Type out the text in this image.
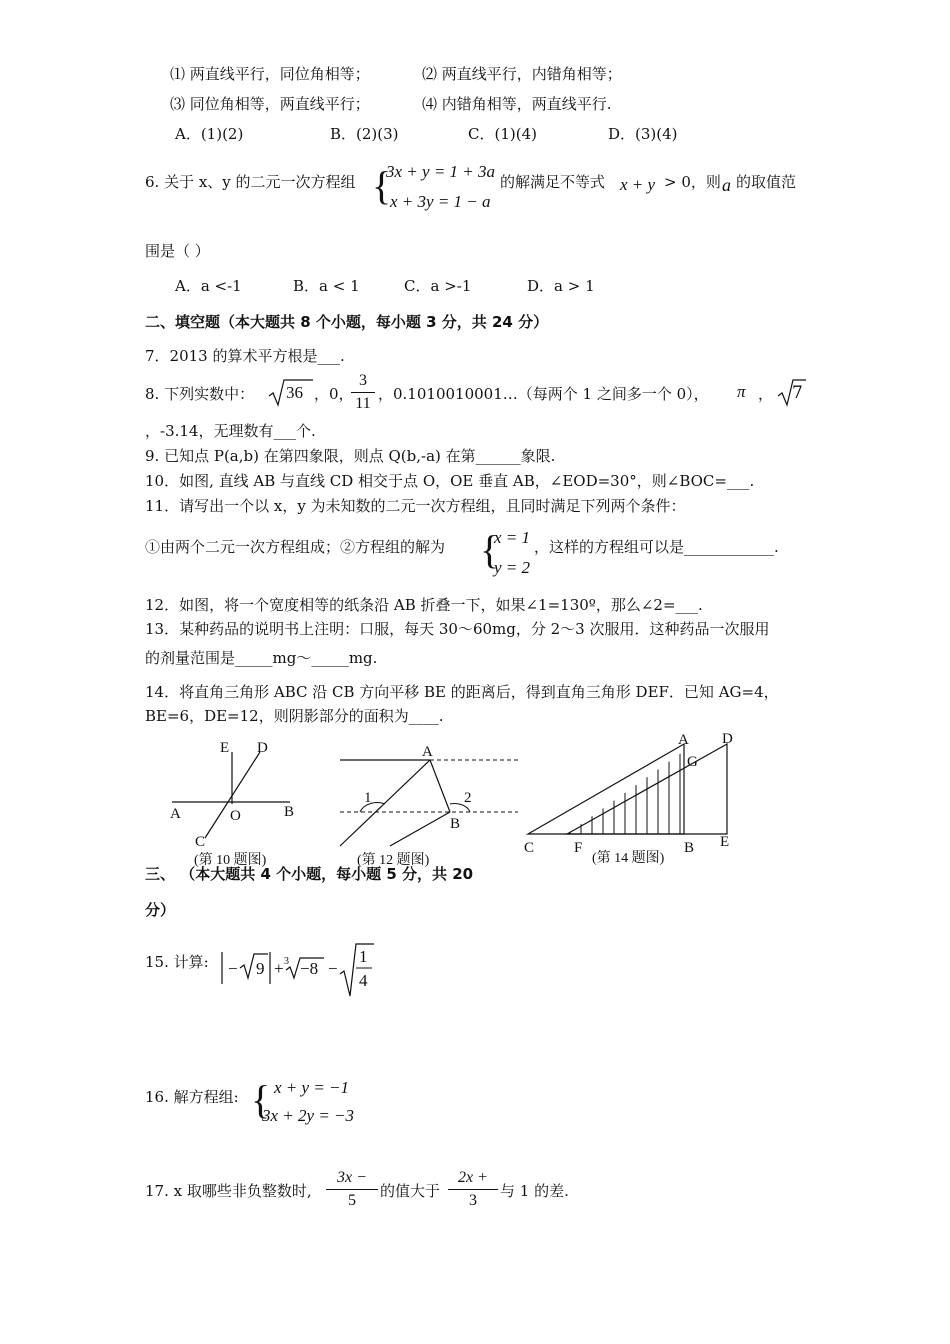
⑴ 两直线平行，同位角相等；	⑵ 两直线平行，内错角相等；
⑶ 同位角相等，两直线平行；	⑷ 内错角相等，两直线平行.
A．(1)(2)	B．(2)(3)	C．(1)(4)	D．(3)(4)
6. 关于 x、y 的二元一次方程组 {
3x + y = 1 + 3a
x + 3y = 1 − a
的解满足不等式 x + y > 0，则 a 的取值范
围是（ ）
A．a <-1	B．a < 1	C．a >-1	D．a > 1
二、填空题（本大题共 8 个小题，每小题 3 分，共 24 分）
7．2013 的算术平方根是___.
8. 下列实数中： 36 ，0，
3
11
，0.1010010001…（每两个 1 之间多一个 0）， π ， 7
，-3.14，无理数有___个.
9. 已知点 P(a,b) 在第四象限，则点 Q(b,-a) 在第______象限.
10．如图, 直线 AB 与直线 CD 相交于点 O，OE 垂直 AB，∠EOD=30°，则∠BOC=___.
11．请写出一个以 x，y 为未知数的二元一次方程组，且同时满足下列两个条件：
①由两个二元一次方程组成；②方程组的解为 {
x = 1
y = 2
，这样的方程组可以是____________.
12．如图，将一个宽度相等的纸条沿 AB 折叠一下，如果∠1=130º，那么∠2=___.
13．某种药品的说明书上注明：口服，每天 30～60mg，分 2～3 次服用．这种药品一次服用
的剂量范围是_____mg～_____mg.
14．将直角三角形 ABC 沿 CB 方向平移 BE 的距离后，得到直角三角形 DEF．已知 AG=4，
BE=6，DE=12，则阴影部分的面积为____.
E D
A	O	B
C
(第 10 题图)
A
1	2
B
(第 12 题图)
A D
G
C	F	B E
(第 14 题图)
三、 （本大题共 4 个小题，每小题 5 分，共 20
分）
15. 计算: − 9 + 3 −8 −
1
4
16. 解方程组: { x + y = −1
3x + 2y = −3
17. x 取哪些非负整数时,
3x −
5
的值大于
2x +
3
与 1 的差.
